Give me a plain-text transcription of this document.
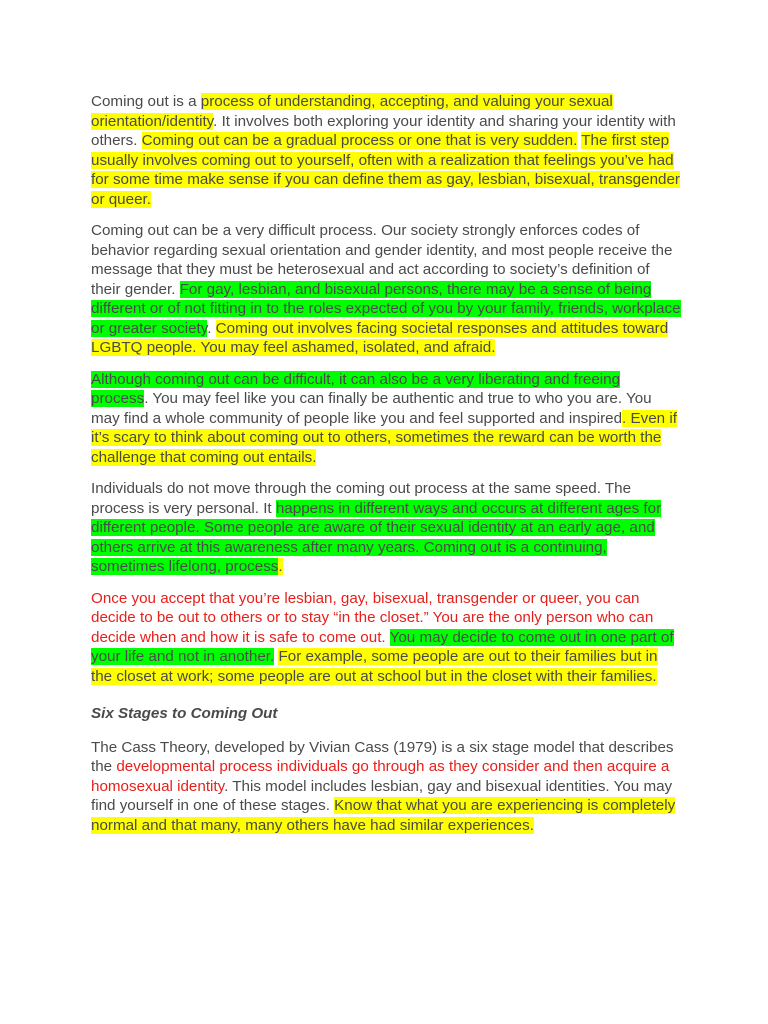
Coming out is a process of understanding, accepting, and valuing your sexual orientation/identity. It involves both exploring your identity and sharing your identity with others. Coming out can be a gradual process or one that is very sudden. The first step usually involves coming out to yourself, often with a realization that feelings you’ve had for some time make sense if you can define them as gay, lesbian, bisexual, transgender or queer.

Coming out can be a very difficult process. Our society strongly enforces codes of behavior regarding sexual orientation and gender identity, and most people receive the message that they must be heterosexual and act according to society’s definition of their gender. For gay, lesbian, and bisexual persons, there may be a sense of being different or of not fitting in to the roles expected of you by your family, friends, workplace or greater society. Coming out involves facing societal responses and attitudes toward LGBTQ people. You may feel ashamed, isolated, and afraid.

Although coming out can be difficult, it can also be a very liberating and freeing process. You may feel like you can finally be authentic and true to who you are. You may find a whole community of people like you and feel supported and inspired. Even if it’s scary to think about coming out to others, sometimes the reward can be worth the challenge that coming out entails.

Individuals do not move through the coming out process at the same speed. The process is very personal. It happens in different ways and occurs at different ages for different people. Some people are aware of their sexual identity at an early age, and others arrive at this awareness after many years. Coming out is a continuing, sometimes lifelong, process.

Once you accept that you’re lesbian, gay, bisexual, transgender or queer, you can decide to be out to others or to stay “in the closet.” You are the only person who can decide when and how it is safe to come out. You may decide to come out in one part of your life and not in another. For example, some people are out to their families but in the closet at work; some people are out at school but in the closet with their families.

Six Stages to Coming Out

The Cass Theory, developed by Vivian Cass (1979) is a six stage model that describes the developmental process individuals go through as they consider and then acquire a homosexual identity. This model includes lesbian, gay and bisexual identities. You may find yourself in one of these stages. Know that what you are experiencing is completely normal and that many, many others have had similar experiences.
